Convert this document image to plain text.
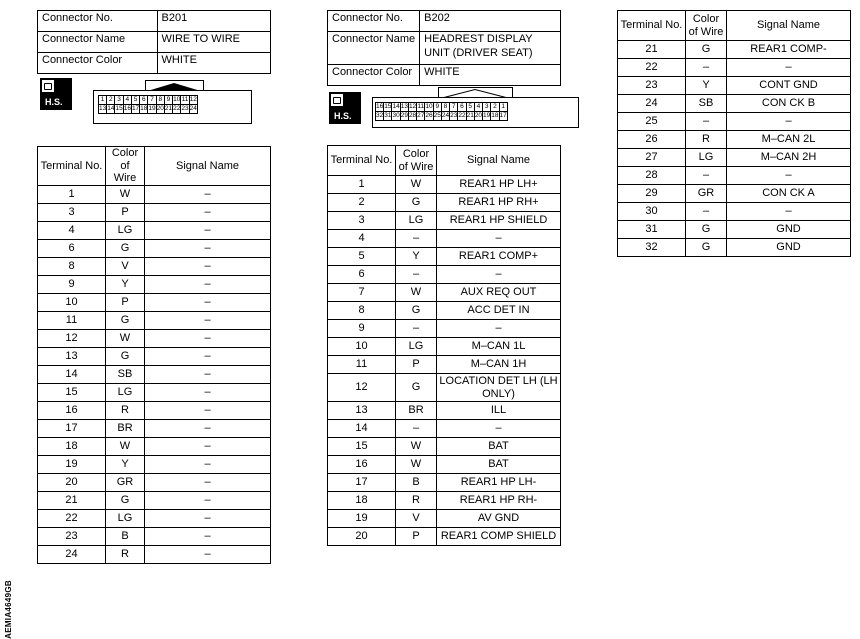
Connector No.	B201
Connector Name	WIRE TO WIRE
Connector Color	WHITE
Connector No.	B202
Connector Name	HEADREST DISPLAY UNIT (DRIVER SEAT)
Connector Color	WHITE
H.S.
H.S.
1	2	3	4	5	6	7	8	9	10	11	12
13	14	15	16	17	18	19	20	21	22	23	24	16	15	14	13	12	11	10	9	8	7	6	5	4	3	2	1
32	31	30	29	28	27	26	25	24	23	22	21	20	19	18	17
Terminal No.	Color of Wire	Signal Name
1	W	–
3	P	–
4	LG	–
6	G	–
8	V	–
9	Y	–
10	P	–
11	G	–
12	W	–
13	G	–
14	SB	–
15	LG	–
16	R	–
17	BR	–
18	W	–
19	Y	–
20	GR	–
21	G	–
22	LG	–
23	B	–
24	R	–
Terminal No.	Color of Wire	Signal Name
1	W	REAR1 HP LH+
2	G	REAR1 HP RH+
3	LG	REAR1 HP SHIELD
4	–	–
5	Y	REAR1 COMP+
6	–	–
7	W	AUX REQ OUT
8	G	ACC DET IN
9	–	–
10	LG	M–CAN 1L
11	P	M–CAN 1H
12	G	LOCATION DET LH (LH ONLY)
13	BR	ILL
14	–	–
15	W	BAT
16	W	BAT
17	B	REAR1 HP LH-
18	R	REAR1 HP RH-
19	V	AV GND
20	P	REAR1 COMP SHIELD
Terminal No.	Color of Wire	Signal Name
21	G	REAR1 COMP-
22	–	–
23	Y	CONT GND
24	SB	CON CK B
25	–	–
26	R	M–CAN 2L
27	LG	M–CAN 2H
28	–	–
29	GR	CON CK A
30	–	–
31	G	GND
32	G	GND
AEMIA4649GB
